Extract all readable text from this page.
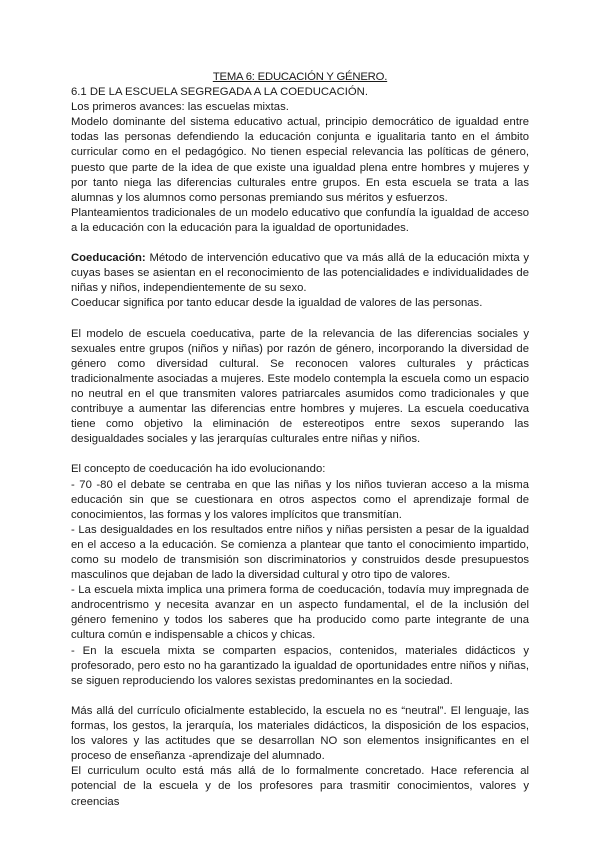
TEMA 6: EDUCACIÓN Y GÉNERO.

6.1 DE LA ESCUELA SEGREGADA A LA COEDUCACIÓN.

Los primeros avances: las escuelas mixtas.

Modelo dominante del sistema educativo actual, principio democrático de igualdad entre todas las personas defendiendo la educación conjunta e igualitaria tanto en el ámbito curricular como en el pedagógico. No tienen especial relevancia las políticas de género, puesto que parte de la idea de que existe una igualdad plena entre hombres y mujeres y por tanto niega las diferencias culturales entre grupos. En esta escuela se trata a las alumnas y los alumnos como personas premiando sus méritos y esfuerzos.

Planteamientos tradicionales de un modelo educativo que confundía la igualdad de acceso a la educación con la educación para la igualdad de oportunidades.

Coeducación: Método de intervención educativo que va más allá de la educación mixta y cuyas bases se asientan en el reconocimiento de las potencialidades e individualidades de niñas y niños, independientemente de su sexo.

Coeducar significa por tanto educar desde la igualdad de valores de las personas.

El modelo de escuela coeducativa, parte de la relevancia de las diferencias sociales y sexuales entre grupos (niños y niñas) por razón de género, incorporando la diversidad de género como diversidad cultural. Se reconocen valores culturales y prácticas tradicionalmente asociadas a mujeres. Este modelo contempla la escuela como un espacio no neutral en el que transmiten valores patriarcales asumidos como tradicionales y que contribuye a aumentar las diferencias entre hombres y mujeres. La escuela coeducativa tiene como objetivo la eliminación de estereotipos entre sexos superando las desigualdades sociales y las jerarquías culturales entre niñas y niños.

El concepto de coeducación ha ido evolucionando:

- 70 -80 el debate se centraba en que las niñas y los niños tuvieran acceso a la misma educación sin que se cuestionara en otros aspectos como el aprendizaje formal de conocimientos, las formas y los valores implícitos que transmitían.

- Las desigualdades en los resultados entre niños y niñas persisten a pesar de la igualdad en el acceso a la educación. Se comienza a plantear que tanto el conocimiento impartido, como su modelo de transmisión son discriminatorios y construidos desde presupuestos masculinos que dejaban de lado la diversidad cultural y otro tipo de valores.

- La escuela mixta implica una primera forma de coeducación, todavía muy impregnada de androcentrismo y necesita avanzar en un aspecto fundamental, el de la inclusión del género femenino y todos los saberes que ha producido como parte integrante de una cultura común e indispensable a chicos y chicas.

- En la escuela mixta se comparten espacios, contenidos, materiales didácticos y profesorado, pero esto no ha garantizado la igualdad de oportunidades entre niños y niñas, se siguen reproduciendo los valores sexistas predominantes en la sociedad.

Más allá del currículo oficialmente establecido, la escuela no es “neutral”. El lenguaje, las formas, los gestos, la jerarquía, los materiales didácticos, la disposición de los espacios, los valores y las actitudes que se desarrollan NO son elementos insignificantes en el proceso de enseñanza -aprendizaje del alumnado.

El curriculum oculto está más allá de lo formalmente concretado. Hace referencia al potencial de la escuela y de los profesores para trasmitir conocimientos, valores y creencias
